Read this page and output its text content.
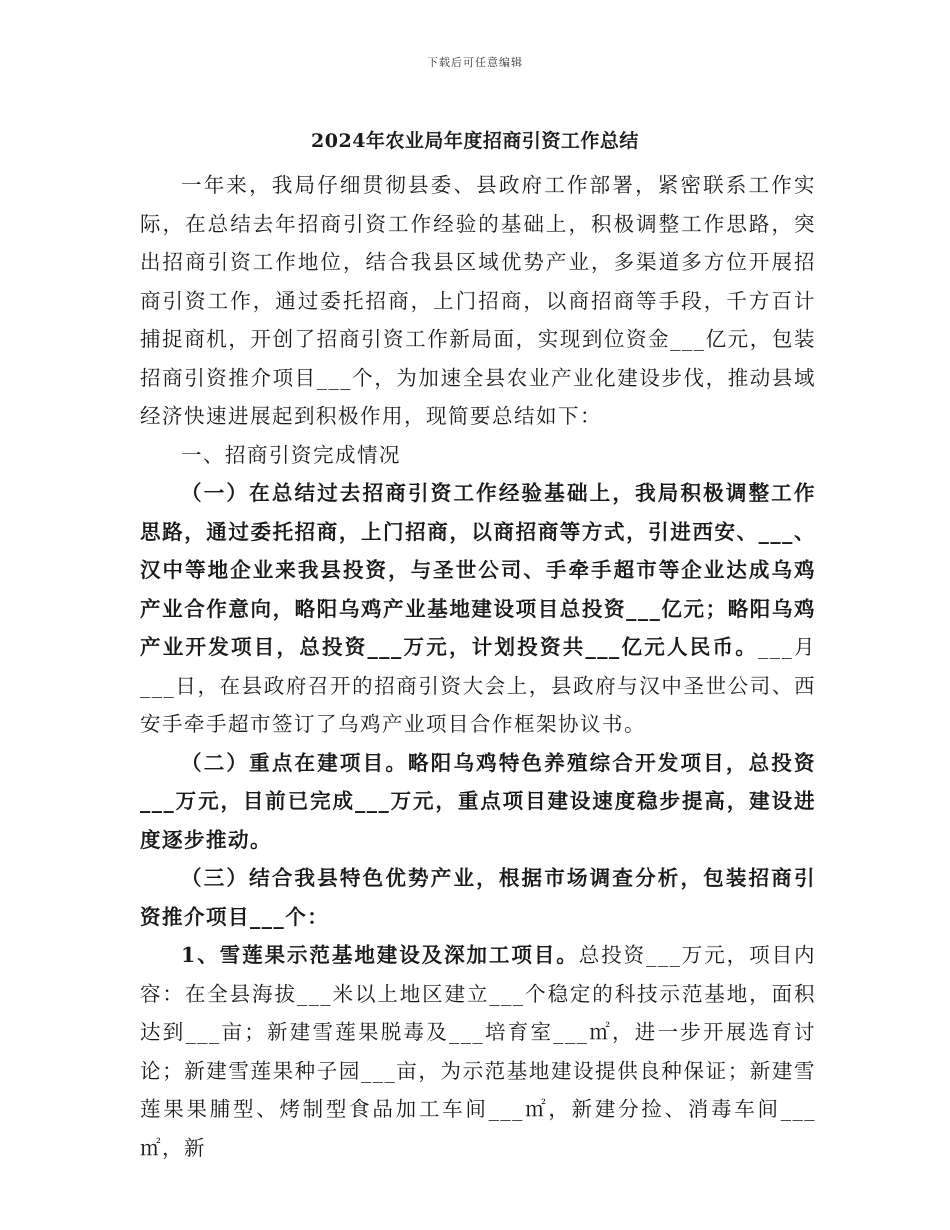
下载后可任意编辑
2024年农业局年度招商引资工作总结

一年来，我局仔细贯彻县委、县政府工作部署，紧密联系工作实际，在总结去年招商引资工作经验的基础上，积极调整工作思路，突出招商引资工作地位，结合我县区域优势产业，多渠道多方位开展招商引资工作，通过委托招商，上门招商，以商招商等手段，千方百计捕捉商机，开创了招商引资工作新局面，实现到位资金___亿元，包装招商引资推介项目___个，为加速全县农业产业化建设步伐，推动县域经济快速进展起到积极作用，现简要总结如下：

一、招商引资完成情况

（一）在总结过去招商引资工作经验基础上，我局积极调整工作思路，通过委托招商，上门招商，以商招商等方式，引进西安、___、汉中等地企业来我县投资，与圣世公司、手牵手超市等企业达成乌鸡产业合作意向，略阳乌鸡产业基地建设项目总投资___亿元；略阳乌鸡产业开发项目，总投资___万元，计划投资共___亿元人民币。___月___日，在县政府召开的招商引资大会上，县政府与汉中圣世公司、西安手牵手超市签订了乌鸡产业项目合作框架协议书。

（二）重点在建项目。略阳乌鸡特色养殖综合开发项目，总投资___万元，目前已完成___万元，重点项目建设速度稳步提高，建设进度逐步推动。

（三）结合我县特色优势产业，根据市场调查分析，包装招商引资推介项目___个：

1、雪莲果示范基地建设及深加工项目。总投资___万元，项目内容：在全县海拔___米以上地区建立___个稳定的科技示范基地，面积达到___亩；新建雪莲果脱毒及___培育室___㎡，进一步开展选育讨论；新建雪莲果种子园___亩，为示范基地建设提供良种保证；新建雪莲果果脯型、烤制型食品加工车间___㎡，新建分捡、消毒车间___㎡，新
